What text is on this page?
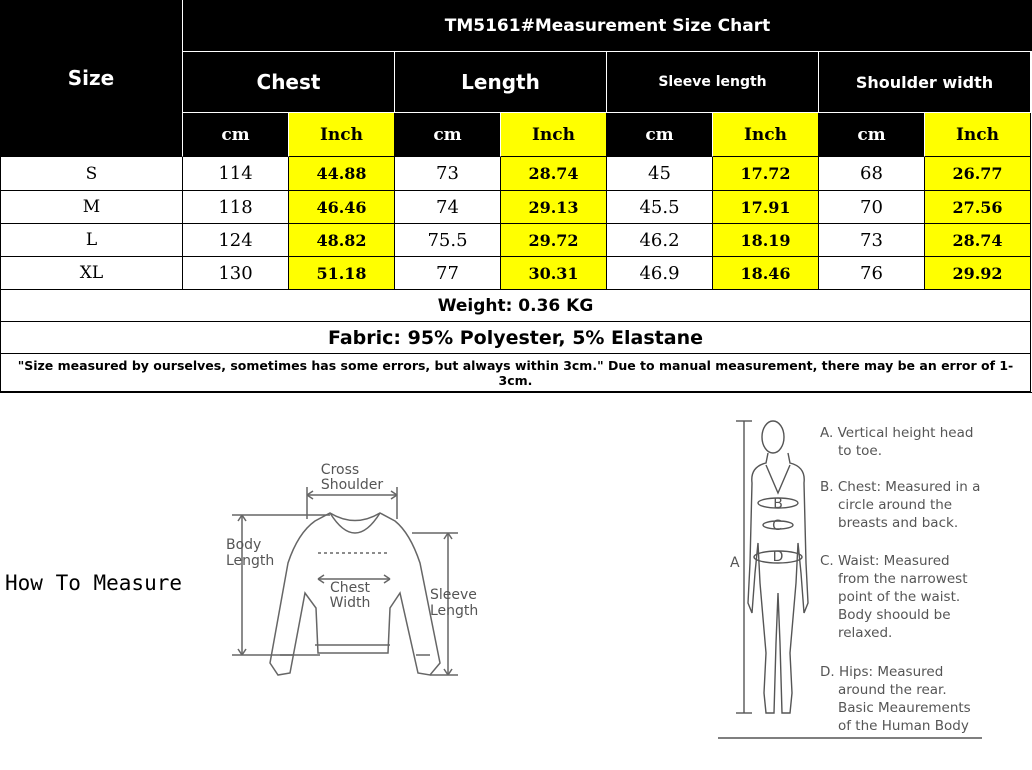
Size
TM5161#Measurement Size Chart
Chest	Length	Sleeve length	Shoulder width
cm	Inch	cm	Inch	cm	Inch	cm	Inch
S	114	44.88	73	28.74	45	17.72	68	26.77
M	118	46.46	74	29.13	45.5	17.91	70	27.56
L	124	48.82	75.5	29.72	46.2	18.19	73	28.74
XL	130	51.18	77	30.31	46.9	18.46	76	29.92
Weight: 0.36 KG
Fabric: 95% Polyester, 5% Elastane
"Size measured by ourselves, sometimes has some errors, but always within 3cm." Due to manual measurement, there may be an error of 1-3cm.
How To Measure
Cross
Shoulder
Body
Length
Chest
Width	Sleeve
Length
B
C
D
A
A. Vertical height head
to toe.
B. Chest: Measured in a
circle around the
breasts and back.
C. Waist: Measured
from the narrowest
point of the waist.
Body shoould be
relaxed.
D. Hips: Measured
around the rear.
Basic Meaurements
of the Human Body
